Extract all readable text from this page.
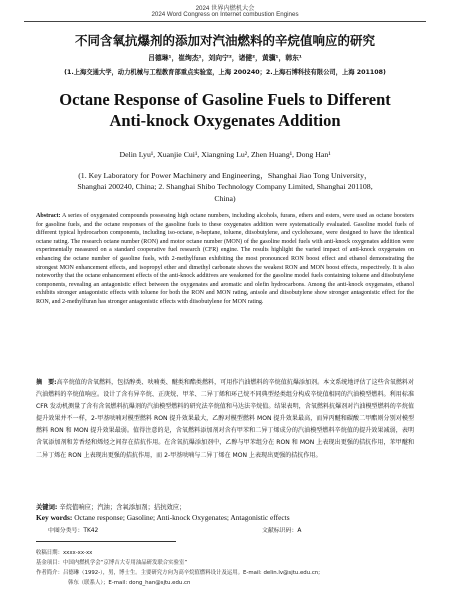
2024 世界内燃机大会
2024 Word Congress on Internet combustion Engines
不同含氧抗爆剂的添加对汽油燃料的辛烷值响应的研究
吕德琳¹，崔绚杰¹，刘向宁²，诸健²，黄骥¹，韩东¹
(1.上海交通大学，动力机械与工程教育部重点实验室，上海 200240；2.上海石博科技有限公司，上海 201108)
Octane Response of Gasoline Fuels to Different
Anti-knock Oxygenates Addition
Delin Lyu¹, Xuanjie Cui¹, Xiangning Lu², Zhen Huang¹, Dong Han¹
(1. Key Laboratory for Power Machinery and Engineering，Shanghai Jiao Tong University，
Shanghai 200240, China; 2. Shanghai Shibo Technology Company Limited, Shanghai 201108,
China)
Abstract: A series of oxygenated compounds possessing high octane numbers, including alcohols, furans, ethers and esters, were used as octane boosters for gasoline fuels, and the octane responses of the gasoline fuels to these oxygenates addition were systematically evaluated. Gasoline model fuels of different typical hydrocarbon components, including iso-octane, n-heptane, toluene, diisobutylene, and cyclohexane, were designed to have the identical octane rating. The research octane number (RON) and motor octane number (MON) of the gasoline model fuels with anti-knock oxygenates addition were experimentally measured on a standard cooperative fuel research (CFR) engine. The results highlight the varied impact of anti-knock oxygenates on enhancing the octane number of gasoline fuels, with 2-methylfuran exhibiting the most pronounced RON boost effect and ethanol demonstrating the strongest MON enhancement effects, and isopropyl ether and dimethyl carbonate shows the weakest RON and MON boost effects, respectively. It is also noteworthy that the octane enhancement effects of the anti-knock additives are weakened for the gasoline model fuels containing toluene and diisobutylene components, revealing an antagonistic effect between the oxygenates and aromatic and olefin hydrocarbons. Among the anti-knock oxygenates, ethanol exhibits stronger antagonistic effects with toluene for both the RON and MON rating, anisole and diisobutylene show stronger antagonistic effect for the RON, and 2-methylfuran has stronger antagonistic effects with diisobutylene for MON rating.
摘　要:高辛烷值的含氧燃料，包括醇类、呋喃类、醚类和酯类燃料，可用作汽油燃料的辛烷值抗爆添加剂。本文系统地评估了这些含氧燃料对汽油燃料的辛烷值响应。设计了含有异辛烷、正庚烷、甲苯、二异丁烯和环己烷不同典型烃类组分构成辛烷值相同的汽油模型燃料。利用标准 CFR 发动机测量了含有含氧燃料抗爆剂的汽油模型燃料的研究法辛烷值和马达法辛烷值。结果表明，含氧燃料抗爆剂对汽油模型燃料的辛烷值提升效果并不一样，2-甲基呋喃对模型燃料 RON 提升效果最大，乙醇对模型燃料 MON 提升效果最高，而异丙醚和碳酸二甲酯则分别对模型燃料 RON 和 MON 提升效果最弱。值得注意的是，含氧燃料添加剂对含有甲苯和二异丁烯成分的汽油模型燃料辛烷值的提升效果减弱，表明含氧添加剂和芳香烃和烯烃之间存在拮抗作用。在含氧抗爆添加剂中，乙醇与甲苯组分在 RON 和 MON 上表现出更强的拮抗作用，苯甲醚和二异丁烯在 RON 上表现出更强的拮抗作用，而 2-甲基呋喃与二异丁烯在 MON 上表现出更强的拮抗作用。
关键词: 辛烷值响应；汽油；含氧添加剂；拮抗效应；
Key words: Octane response; Gasoline; Anti-knock Oxygenates; Antagonistic effects
中图分类号：TK42	文献标识码：A
收稿日期：xxxx-xx-xx
基金项目：中国内燃机学会“京博吉大专用油品研发联合实验室”
作者简介：吕德琳（1992-），男，博士生。主要研究方向为高辛烷值燃料设计及运用。E-mail: delin.lv@sjtu.edu.cn;
韩东（联系人）；E-mail: dong_han@sjtu.edu.cn
